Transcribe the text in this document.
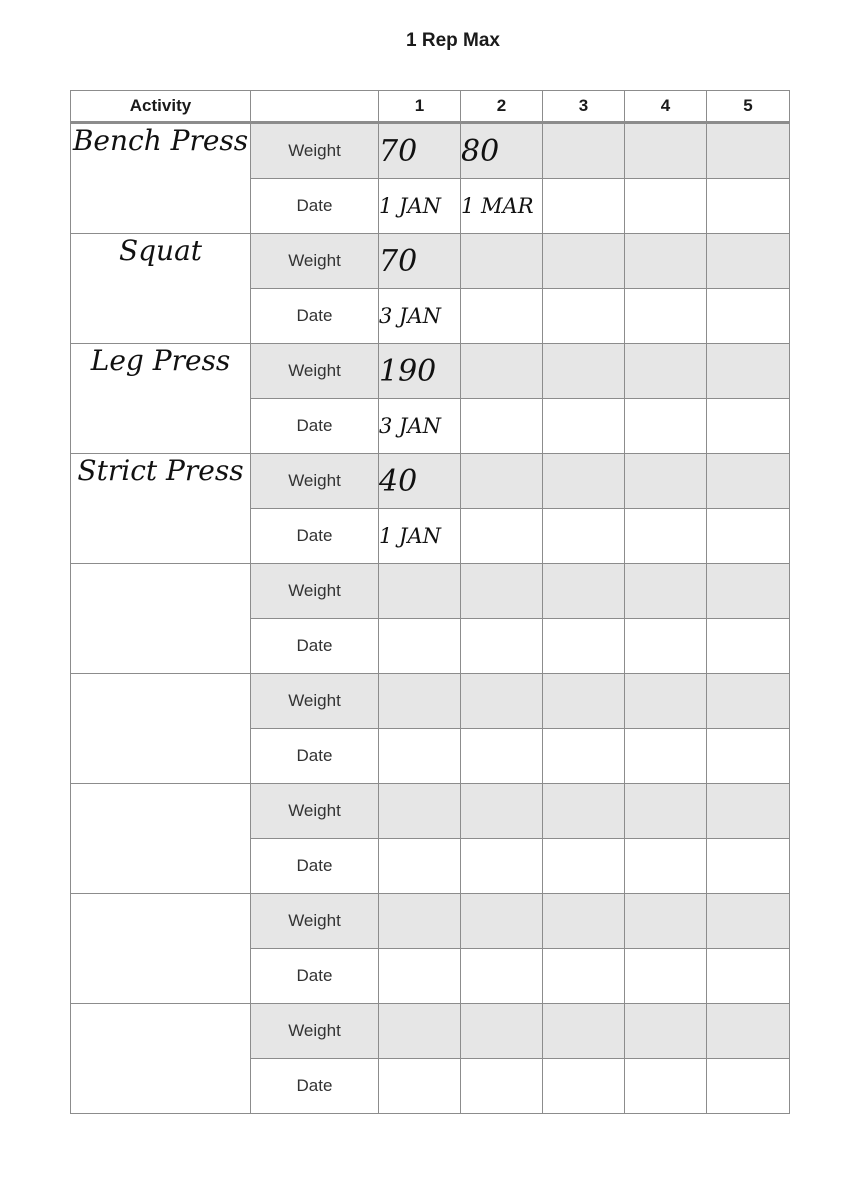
1 Rep Max
Activity		1	2	3	4	5
Bench Press	Weight	70	80			
	Date	1 JAN	1 MAR			
Squat	Weight	70				
	Date	3 JAN				
Leg Press	Weight	190				
	Date	3 JAN				
Strict Press	Weight	40				
	Date	1 JAN				
	Weight					
	Date					
	Weight					
	Date					
	Weight					
	Date					
	Weight					
	Date					
	Weight					
	Date					
